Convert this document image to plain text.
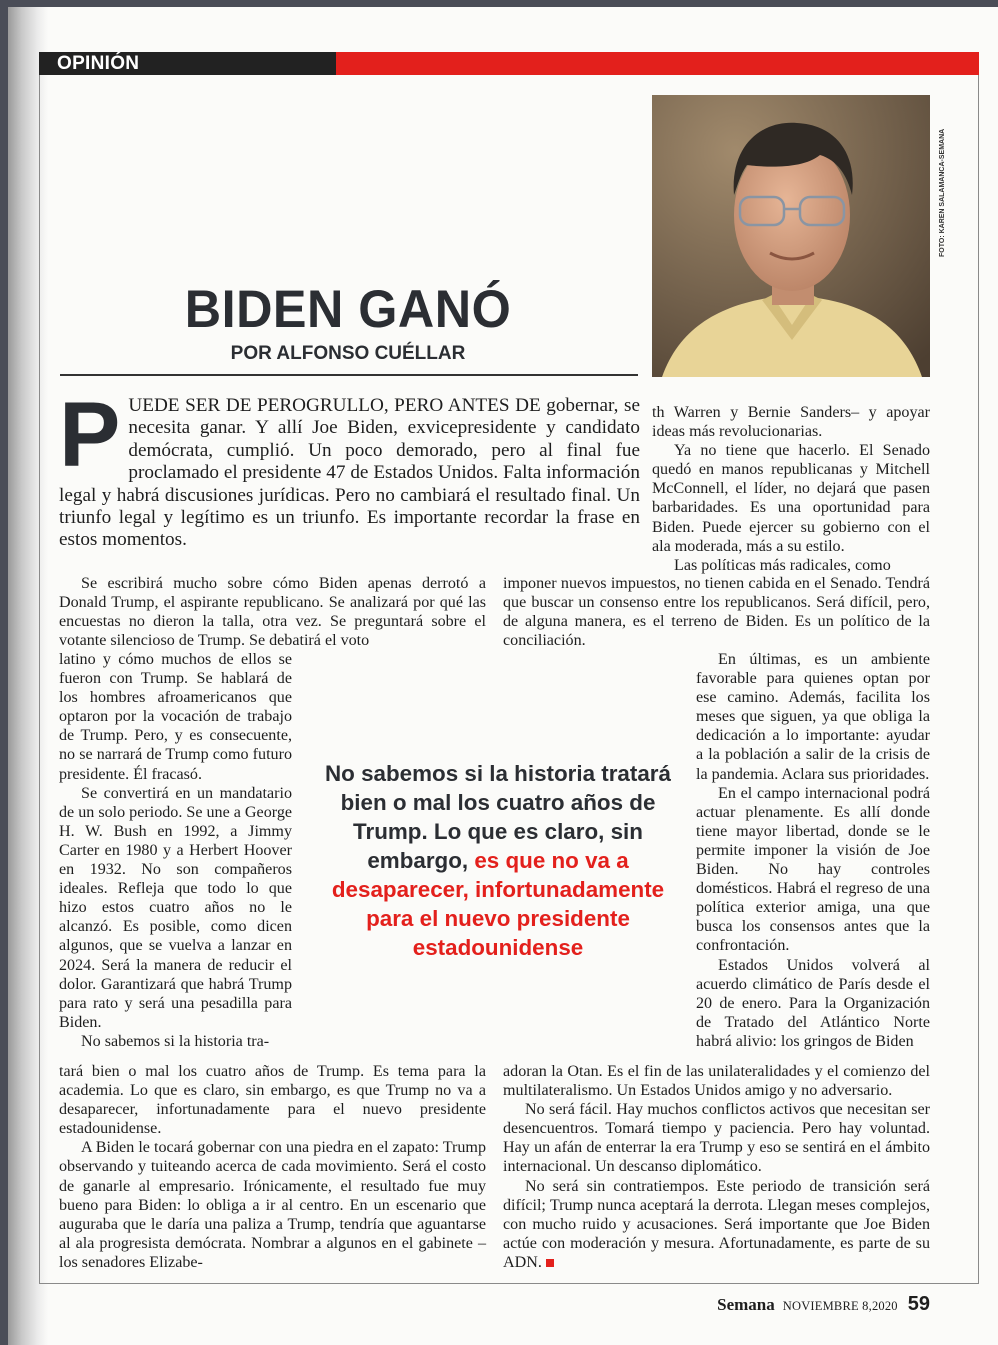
OPINIÓN
FOTO: KAREN SALAMANCA-SEMANA
BIDEN GANÓ
POR ALFONSO CUÉLLAR
PUEDE SER DE PEROGRULLO, PERO ANTES DE gobernar, se necesita ganar. Y allí Joe Biden, exvicepresidente y candidato demócrata, cumplió. Un poco demorado, pero al final fue proclamado el presidente 47 de Estados Unidos. Falta información legal y habrá discusiones jurídicas. Pero no cambiará el resultado final. Un triunfo legal y legítimo es un triunfo. Es importante recordar la frase en estos momentos.

Se escribirá mucho sobre cómo Biden apenas derrotó a Donald Trump, el aspirante republicano. Se analizará por qué las encuestas no dieron la talla, otra vez. Se preguntará sobre el votante silencioso de Trump. Se debatirá el voto

latino y cómo muchos de ellos se fueron con Trump. Se hablará de los hombres afroamericanos que optaron por la vocación de trabajo de Trump. Pero, y es consecuente, no se narrará de Trump como futuro presidente. Él fracasó.

Se convertirá en un mandatario de un solo periodo. Se une a George H. W. Bush en 1992, a Jimmy Carter en 1980 y a Herbert Hoover en 1932. No son compañeros ideales. Refleja que todo lo que hizo estos cuatro años no le alcanzó. Es posible, como dicen algunos, que se vuelva a lanzar en 2024. Será la manera de reducir el dolor. Garantizará que habrá Trump para rato y será una pesadilla para Biden.

No sabemos si la historia tra-

tará bien o mal los cuatro años de Trump. Es tema para la academia. Lo que es claro, sin embargo, es que Trump no va a desaparecer, infortunadamente para el nuevo presidente estadounidense.

A Biden le tocará gobernar con una piedra en el zapato: Trump observando y tuiteando acerca de cada movimiento. Será el costo de ganarle al empresario. Irónicamente, el resultado fue muy bueno para Biden: lo obliga a ir al centro. En un escenario que auguraba que le daría una paliza a Trump, tendría que aguantarse al ala progresista demócrata. Nombrar a algunos en el gabinete –los senadores Elizabe-

th Warren y Bernie Sanders– y apoyar ideas más revolucionarias.

Ya no tiene que hacerlo. El Senado quedó en manos republicanas y Mitchell McConnell, el líder, no dejará que pasen barbaridades. Es una oportunidad para Biden. Puede ejercer su gobierno con el ala moderada, más a su estilo.

Las políticas más radicales, como

imponer nuevos impuestos, no tienen cabida en el Senado. Tendrá que buscar un consenso entre los republicanos. Será difícil, pero, de alguna manera, es el terreno de Biden. Es un político de la conciliación.

En últimas, es un ambiente favorable para quienes optan por ese camino. Además, facilita los meses que siguen, ya que obliga la dedicación a lo importante: ayudar a la población a salir de la crisis de la pandemia. Aclara sus prioridades.

En el campo internacional podrá actuar plenamente. Es allí donde tiene mayor libertad, donde se le permite imponer la visión de Joe Biden. No hay controles domésticos. Habrá el regreso de una política exterior amiga, una que busca los consensos antes que la confrontación.

Estados Unidos volverá al acuerdo climático de París desde el 20 de enero. Para la Organización de Tratado del Atlántico Norte habrá alivio: los gringos de Biden

adoran la Otan. Es el fin de las unilateralidades y el comienzo del multilateralismo. Un Estados Unidos amigo y no adversario.

No será fácil. Hay muchos conflictos activos que necesitan ser desencuentros. Tomará tiempo y paciencia. Pero hay voluntad. Hay un afán de enterrar la era Trump y eso se sentirá en el ámbito internacional. Un descanso diplomático.

No será sin contratiempos. Este periodo de transición será difícil; Trump nunca aceptará la derrota. Llegan meses complejos, con mucho ruido y acusaciones. Será importante que Joe Biden actúe con moderación y mesura. Afortunadamente, es parte de su ADN.

No sabemos si la historia tratará bien o mal los cuatro años de Trump. Lo que es claro, sin embargo, es que no va a desaparecer, infortunadamente para el nuevo presidente estadounidense
Semana NOVIEMBRE 8,2020 59
